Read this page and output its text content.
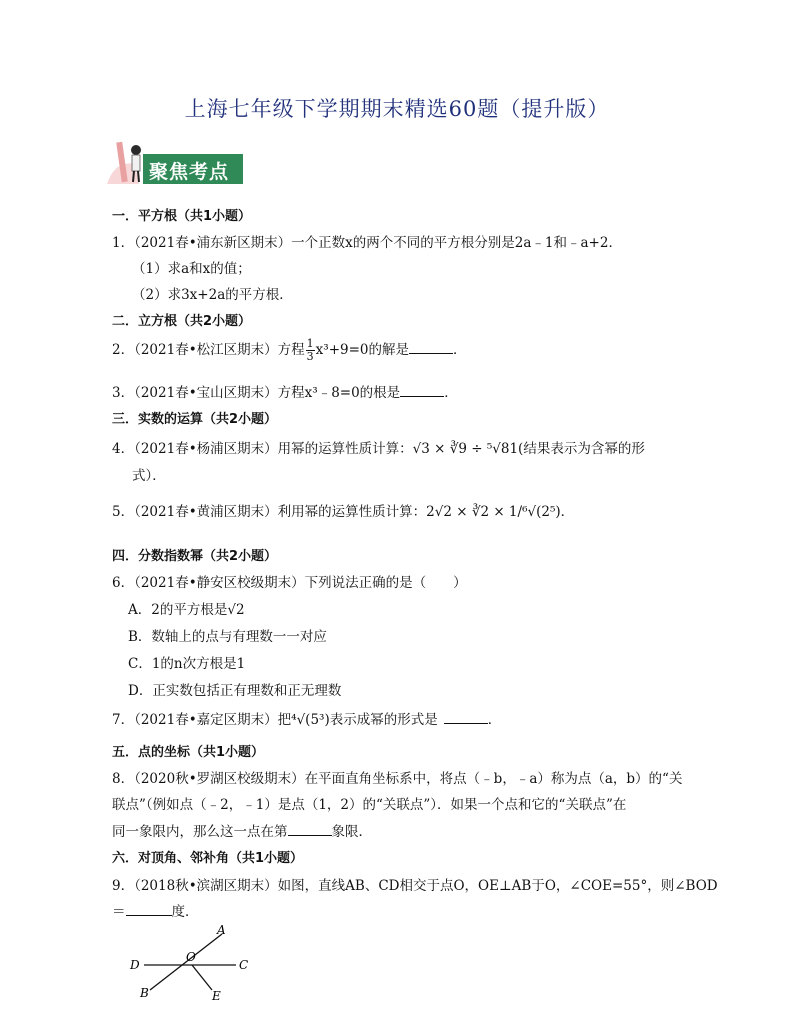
上海七年级下学期期末精选60题（提升版）
聚焦考点
一．平方根（共1小题）
1．（2021春•浦东新区期末）一个正数x的两个不同的平方根分别是2a﹣1和﹣a+2．
（1）求a和x的值；
（2）求3x+2a的平方根．
二．立方根（共2小题）
2．（2021春•松江区期末）方程 $\frac{1}{3} x^3+9=0$的解是	．
3．（2021春•宝山区期末）方程x³﹣8=0的根是	．
三．实数的运算（共2小题）
4．（2021春•杨浦区期末）用幂的运算性质计算：√3 × ∛9 ÷ ⁵√81(结果表示为含幂的形
式）．
5．（2021春•黄浦区期末）利用幂的运算性质计算：2√2 × ∛2 × 1/⁶√(2⁵)．
四．分数指数幂（共2小题）
6．（2021春•静安区校级期末）下列说法正确的是（　　）
A．2的平方根是√2
B．数轴上的点与有理数一一对应
C．1的n次方根是1
D．正实数包括正有理数和正无理数
7．（2021春•嘉定区期末）把⁴√(5³)表示成幂的形式是	．
五．点的坐标（共1小题）
8．（2020秋•罗湖区校级期末）在平面直角坐标系中，将点（﹣b，﹣a）称为点（a，b）的“关
联点”（例如点（﹣2，﹣1）是点（1，2）的“关联点”）．如果一个点和它的“关联点”在
同一象限内，那么这一点在第	象限．
六．对顶角、邻补角（共1小题）
9．（2018秋•滨湖区期末）如图，直线AB、CD相交于点O，OE⊥AB于O，∠COE=55°，则∠BOD
＝	度．
A
B
C
D
E
O
